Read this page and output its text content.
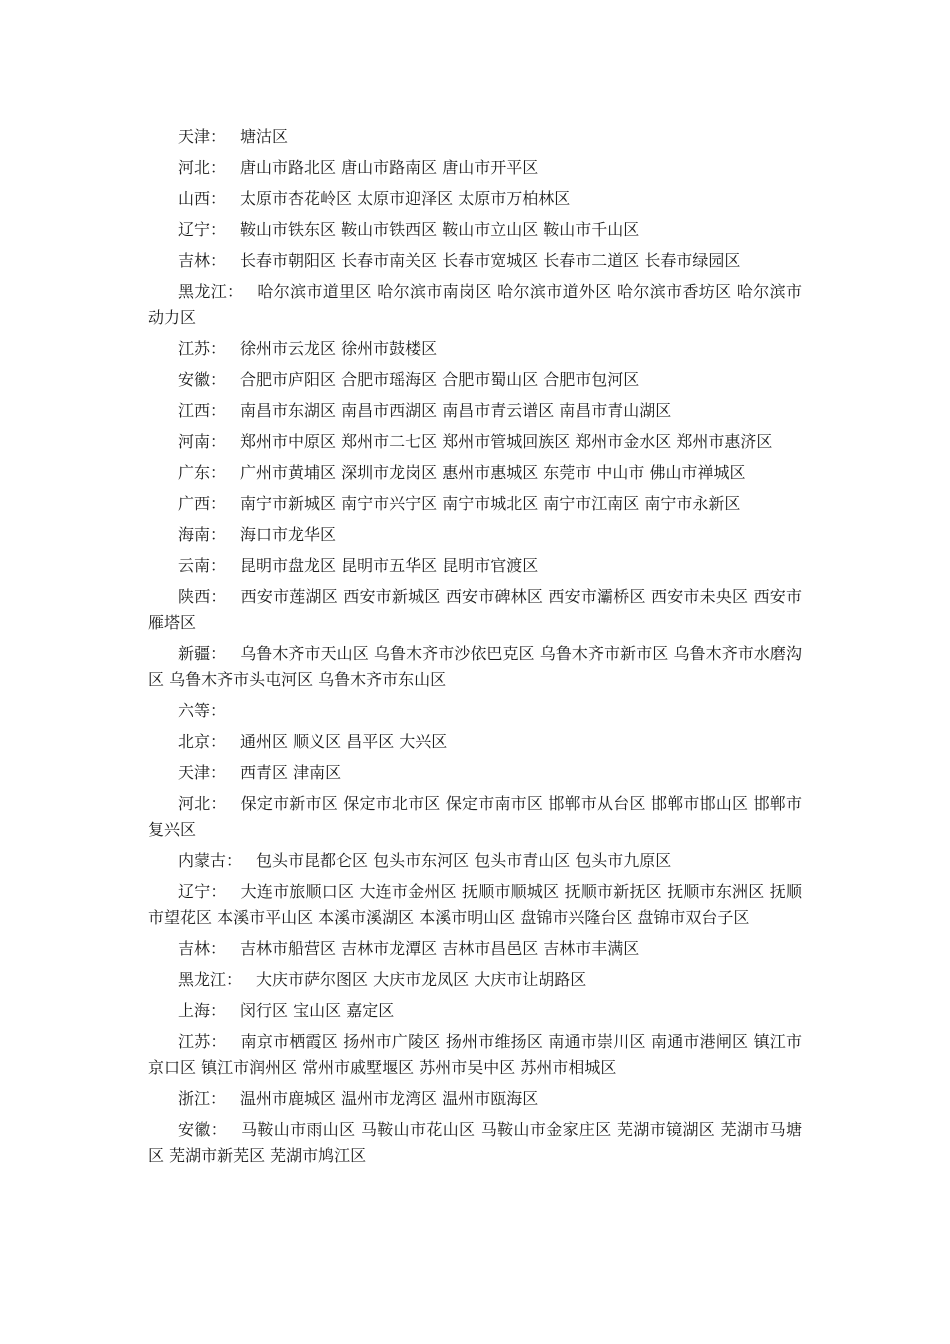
天津： 塘沽区

河北： 唐山市路北区 唐山市路南区 唐山市开平区

山西： 太原市杏花岭区 太原市迎泽区 太原市万柏林区

辽宁： 鞍山市铁东区 鞍山市铁西区 鞍山市立山区 鞍山市千山区

吉林： 长春市朝阳区 长春市南关区 长春市宽城区 长春市二道区 长春市绿园区

黑龙江： 哈尔滨市道里区 哈尔滨市南岗区 哈尔滨市道外区 哈尔滨市香坊区 哈尔滨市动力区

江苏： 徐州市云龙区 徐州市鼓楼区

安徽： 合肥市庐阳区 合肥市瑶海区 合肥市蜀山区 合肥市包河区

江西： 南昌市东湖区 南昌市西湖区 南昌市青云谱区 南昌市青山湖区

河南： 郑州市中原区 郑州市二七区 郑州市管城回族区 郑州市金水区 郑州市惠济区

广东： 广州市黄埔区 深圳市龙岗区 惠州市惠城区 东莞市 中山市 佛山市禅城区

广西： 南宁市新城区 南宁市兴宁区 南宁市城北区 南宁市江南区 南宁市永新区

海南： 海口市龙华区

云南： 昆明市盘龙区 昆明市五华区 昆明市官渡区

陕西： 西安市莲湖区 西安市新城区 西安市碑林区 西安市灞桥区 西安市未央区 西安市雁塔区

新疆： 乌鲁木齐市天山区 乌鲁木齐市沙依巴克区 乌鲁木齐市新市区 乌鲁木齐市水磨沟区 乌鲁木齐市头屯河区 乌鲁木齐市东山区

六等：

北京： 通州区 顺义区 昌平区 大兴区

天津： 西青区 津南区

河北： 保定市新市区 保定市北市区 保定市南市区 邯郸市从台区 邯郸市邯山区 邯郸市复兴区

内蒙古： 包头市昆都仑区 包头市东河区 包头市青山区 包头市九原区

辽宁： 大连市旅顺口区 大连市金州区 抚顺市顺城区 抚顺市新抚区 抚顺市东洲区 抚顺市望花区 本溪市平山区 本溪市溪湖区 本溪市明山区 盘锦市兴隆台区 盘锦市双台子区

吉林： 吉林市船营区 吉林市龙潭区 吉林市昌邑区 吉林市丰满区

黑龙江： 大庆市萨尔图区 大庆市龙凤区 大庆市让胡路区

上海： 闵行区 宝山区 嘉定区

江苏： 南京市栖霞区 扬州市广陵区 扬州市维扬区 南通市崇川区 南通市港闸区 镇江市京口区 镇江市润州区 常州市戚墅堰区 苏州市吴中区 苏州市相城区

浙江： 温州市鹿城区 温州市龙湾区 温州市瓯海区

安徽： 马鞍山市雨山区 马鞍山市花山区 马鞍山市金家庄区 芜湖市镜湖区 芜湖市马塘区 芜湖市新芜区 芜湖市鸠江区
